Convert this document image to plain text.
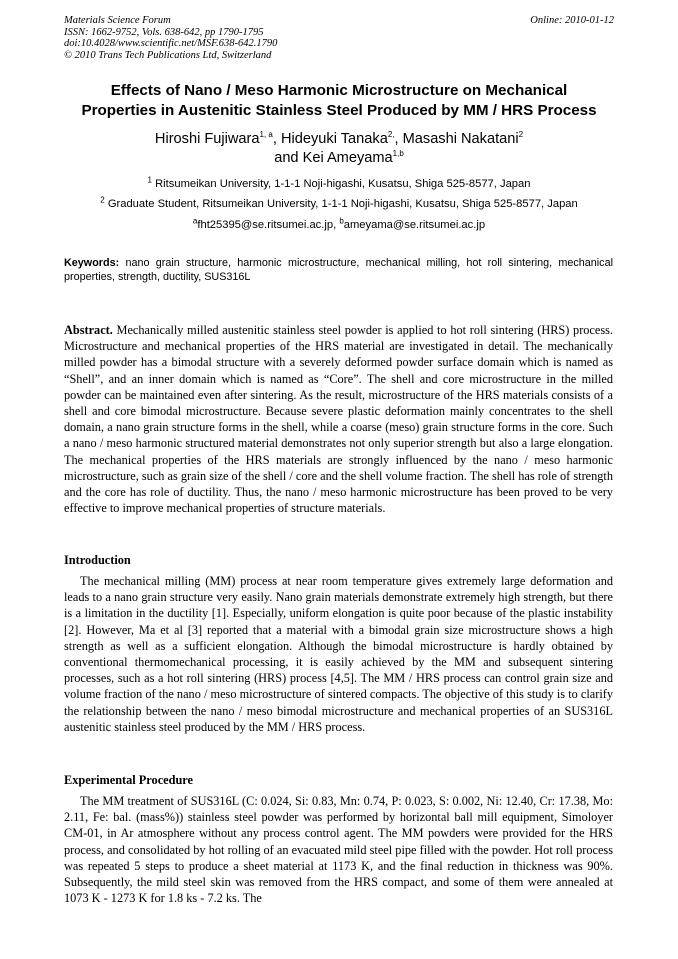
Materials Science Forum
ISSN: 1662-9752, Vols. 638-642, pp 1790-1795
doi:10.4028/www.scientific.net/MSF.638-642.1790
© 2010 Trans Tech Publications Ltd, Switzerland
Online: 2010-01-12
Effects of Nano / Meso Harmonic Microstructure on Mechanical
Properties in Austenitic Stainless Steel Produced by MM / HRS Process
Hiroshi Fujiwara$^{1, a}$, Hideyuki Tanaka$^{2,}$, Masashi Nakatani$^2$
and Kei Ameyama$^{1,b}$
$^1$ Ritsumeikan University, 1-1-1 Noji-higashi, Kusatsu, Shiga 525-8577, Japan
$^2$ Graduate Student, Ritsumeikan University, 1-1-1 Noji-higashi, Kusatsu, Shiga 525-8577, Japan
$^a$fht25395@se.ritsumei.ac.jp, $^b$ameyama@se.ritsumei.ac.jp
Keywords: nano grain structure, harmonic microstructure, mechanical milling, hot roll sintering, mechanical properties, strength, ductility, SUS316L
Abstract. Mechanically milled austenitic stainless steel powder is applied to hot roll sintering (HRS) process. Microstructure and mechanical properties of the HRS material are investigated in detail. The mechanically milled powder has a bimodal structure with a severely deformed powder surface domain which is named as “Shell”, and an inner domain which is named as “Core”. The shell and core microstructure in the milled powder can be maintained even after sintering. As the result, microstructure of the HRS materials consists of a shell and core bimodal microstructure. Because severe plastic deformation mainly concentrates to the shell domain, a nano grain structure forms in the shell, while a coarse (meso) grain structure forms in the core. Such a nano / meso harmonic structured material demonstrates not only superior strength but also a large elongation. The mechanical properties of the HRS materials are strongly influenced by the nano / meso harmonic microstructure, such as grain size of the shell / core and the shell volume fraction. The shell has role of strength and the core has role of ductility. Thus, the nano / meso harmonic microstructure has been proved to be very effective to improve mechanical properties of structure materials.
Introduction
The mechanical milling (MM) process at near room temperature gives extremely large deformation and leads to a nano grain structure very easily. Nano grain materials demonstrate extremely high strength, but there is a limitation in the ductility [1]. Especially, uniform elongation is quite poor because of the plastic instability [2]. However, Ma et al [3] reported that a material with a bimodal grain size microstructure shows a high strength as well as a sufficient elongation. Although the bimodal microstructure is hardly obtained by conventional thermomechanical processing, it is easily achieved by the MM and subsequent sintering processes, such as a hot roll sintering (HRS) process [4,5]. The MM / HRS process can control grain size and volume fraction of the nano / meso microstructure of sintered compacts. The objective of this study is to clarify the relationship between the nano / meso bimodal microstructure and mechanical properties of an SUS316L austenitic stainless steel produced by the MM / HRS process.
Experimental Procedure
The MM treatment of SUS316L (C: 0.024, Si: 0.83, Mn: 0.74, P: 0.023, S: 0.002, Ni: 12.40, Cr: 17.38, Mo: 2.11, Fe: bal. (mass%)) stainless steel powder was performed by horizontal ball mill equipment, Simoloyer CM-01, in Ar atmosphere without any process control agent. The MM powders were provided for the HRS process, and consolidated by hot rolling of an evacuated mild steel pipe filled with the powder. Hot roll process was repeated 5 steps to produce a sheet material at 1173 K, and the final reduction in thickness was 90%. Subsequently, the mild steel skin was removed from the HRS compact, and some of them were annealed at 1073 K - 1273 K for 1.8 ks - 7.2 ks. The
